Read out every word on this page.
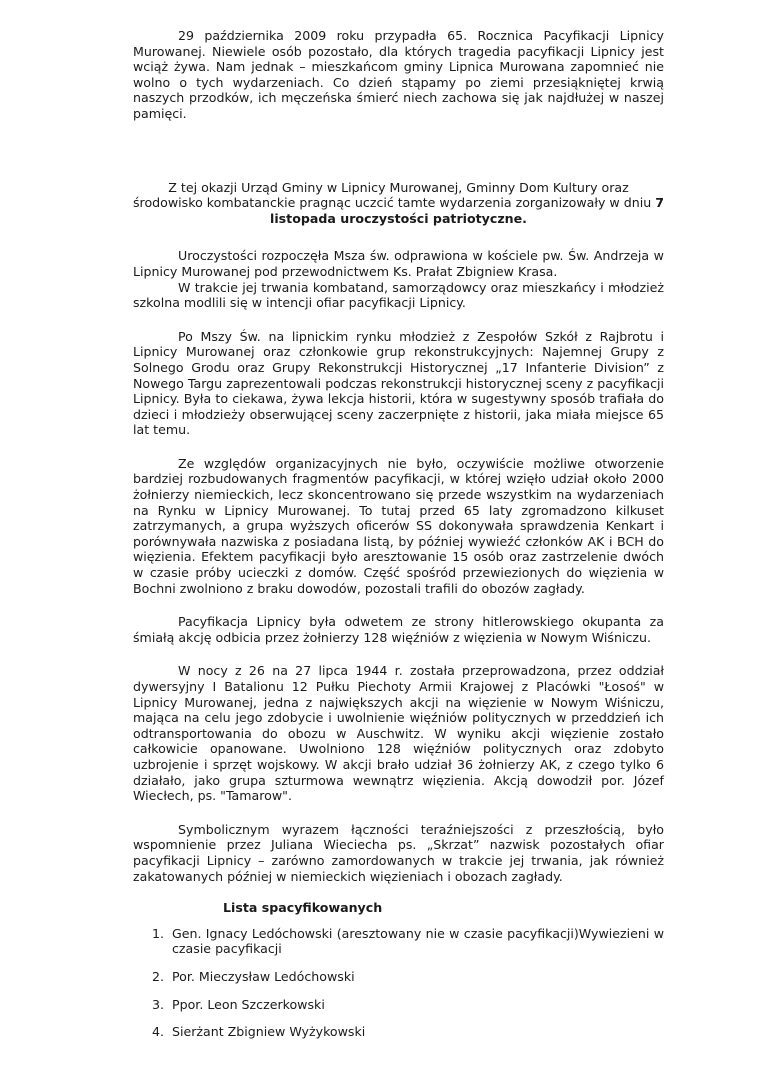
29 października 2009 roku przypadła 65. Rocznica Pacyfikacji Lipnicy Murowanej. Niewiele osób pozostało, dla których tragedia pacyfikacji Lipnicy jest wciąż żywa. Nam jednak – mieszkańcom gminy Lipnica Murowana zapomnieć nie wolno o tych wydarzeniach. Co dzień stąpamy po ziemi przesiąkniętej krwią naszych przodków, ich męczeńska śmierć niech zachowa się jak najdłużej w naszej pamięci.

Z tej okazji Urząd Gminy w Lipnicy Murowanej, Gminny Dom Kultury oraz środowisko kombatanckie pragnąc uczcić tamte wydarzenia zorganizowały w dniu 7 listopada uroczystości patriotyczne.

Uroczystości rozpoczęła Msza św. odprawiona w kościele pw. Św. Andrzeja w Lipnicy Murowanej pod przewodnictwem Ks. Prałat Zbigniew Krasa.

W trakcie jej trwania kombatand, samorządowcy oraz mieszkańcy i młodzież szkolna modlili się w intencji ofiar pacyfikacji Lipnicy.

Po Mszy Św. na lipnickim rynku młodzież z Zespołów Szkół z Rajbrotu i Lipnicy Murowanej oraz członkowie grup rekonstrukcyjnych: Najemnej Grupy z Solnego Grodu oraz Grupy Rekonstrukcji Historycznej „17 Infanterie Division” z Nowego Targu zaprezentowali podczas rekonstrukcji historycznej sceny z pacyfikacji Lipnicy. Była to ciekawa, żywa lekcja historii, która w sugestywny sposób trafiała do dzieci i młodzieży obserwującej sceny zaczerpnięte z historii, jaka miała miejsce 65 lat temu.

Ze względów organizacyjnych nie było, oczywiście możliwe otworzenie bardziej rozbudowanych fragmentów pacyfikacji, w której wzięło udział około 2000 żołnierzy niemieckich, lecz skoncentrowano się przede wszystkim na wydarzeniach na Rynku w Lipnicy Murowanej. To tutaj przed 65 laty zgromadzono kilkuset zatrzymanych, a grupa wyższych oficerów SS dokonywała sprawdzenia Kenkart i porównywała nazwiska z posiadana listą, by później wywieźć członków AK i BCH do więzienia. Efektem pacyfikacji było aresztowanie 15 osób oraz zastrzelenie dwóch w czasie próby ucieczki z domów. Część spośród przewiezionych do więzienia w Bochni zwolniono z braku dowodów, pozostali trafili do obozów zagłady.

Pacyfikacja Lipnicy była odwetem ze strony hitlerowskiego okupanta za śmiałą akcję odbicia przez żołnierzy 128 więźniów z więzienia w Nowym Wiśniczu.

W nocy z 26 na 27 lipca 1944 r. została przeprowadzona, przez oddział dywersyjny I Batalionu 12 Pułku Piechoty Armii Krajowej z Placówki "Łosoś" w Lipnicy Murowanej, jedna z największych akcji na więzienie w Nowym Wiśniczu, mająca na celu jego zdobycie i uwolnienie więźniów politycznych w przeddzień ich odtransportowania do obozu w Auschwitz. W wyniku akcji więzienie zostało całkowicie opanowane. Uwolniono 128 więźniów politycznych oraz zdobyto uzbrojenie i sprzęt wojskowy. W akcji brało udział 36 żołnierzy AK, z czego tylko 6 działało, jako grupa szturmowa wewnątrz więzienia. Akcją dowodził por. Józef Wiecłech, ps. "Tamarow".

Symbolicznym wyrazem łączności teraźniejszości z przeszłością, było wspomnienie przez Juliana Wieciecha ps. „Skrzat” nazwisk pozostałych ofiar pacyfikacji Lipnicy – zarówno zamordowanych w trakcie jej trwania, jak również zakatowanych później w niemieckich więzieniach i obozach zagłady.

Lista spacyfikowanych
1. Gen. Ignacy Ledóchowski (aresztowany nie w czasie pacyfikacji)Wywiezieni w czasie pacyfikacji
2. Por. Mieczysław Ledóchowski
3. Ppor. Leon Szczerkowski
4. Sierżant Zbigniew Wyżykowski
